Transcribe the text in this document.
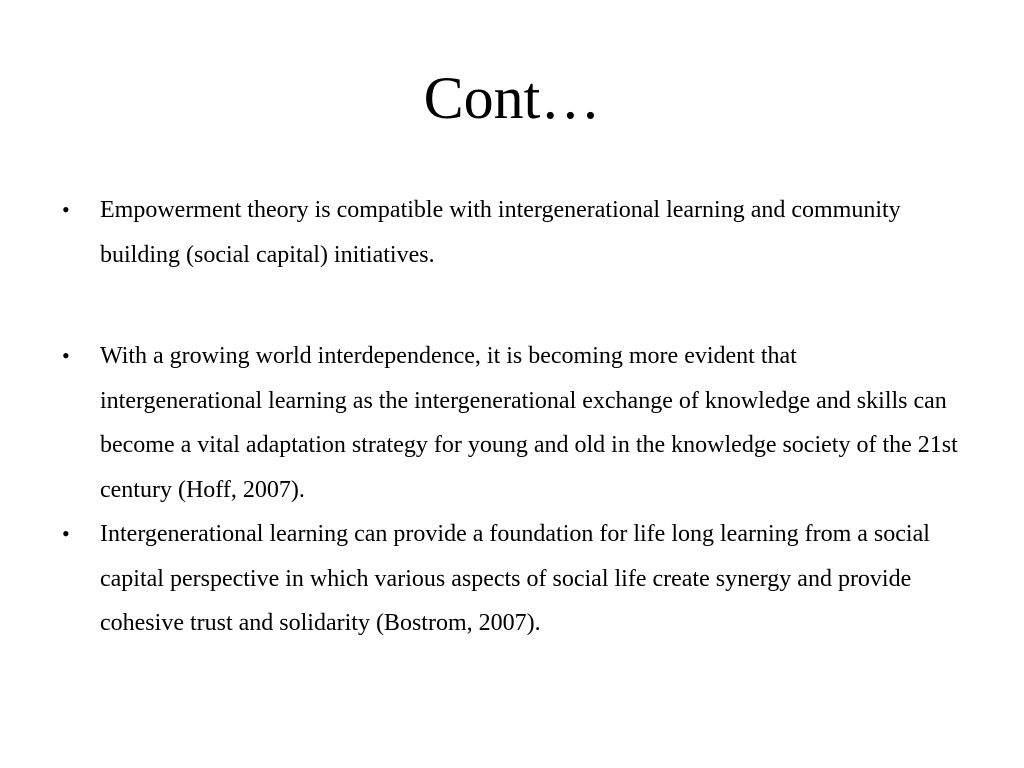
Cont…
•	Empowerment theory is compatible with intergenerational learning and community building (social capital) initiatives.
•	With a growing world interdependence, it is becoming more evident that intergenerational learning as the intergenerational exchange of knowledge and skills can become a vital adaptation strategy for young and old in the knowledge society of the 21st century (Hoff, 2007).
•	Intergenerational learning can provide a foundation for life long learning from a social capital perspective in which various aspects of social life create synergy and provide cohesive trust and solidarity (Bostrom, 2007).
